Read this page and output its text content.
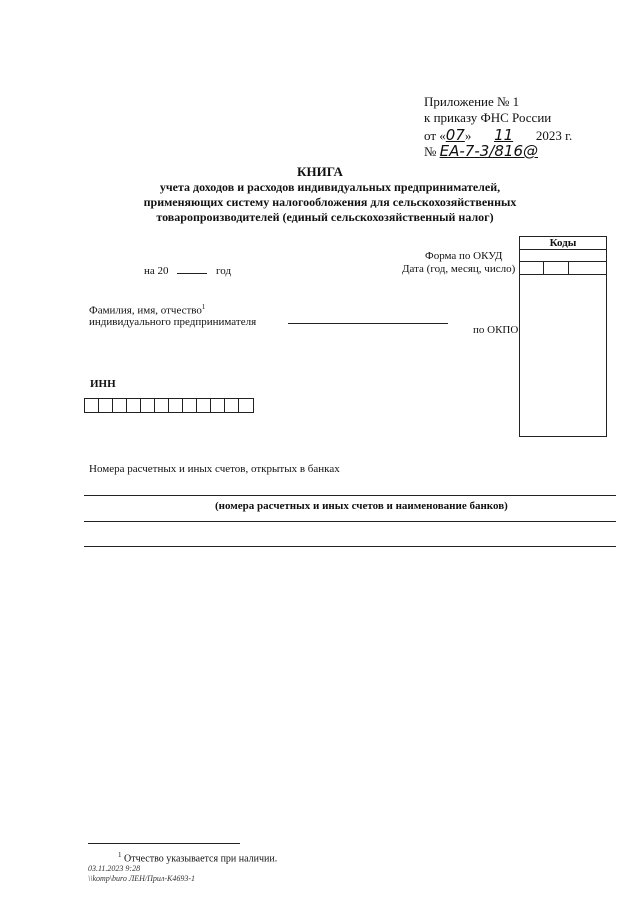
Приложение № 1
к приказу ФНС России
от «07» 11 2023 г.
№ ЕА-7-3/816@
КНИГА
учета доходов и расходов индивидуальных предпринимателей,
применяющих систему налогообложения для сельскохозяйственных
товаропроизводителей (единый сельскохозяйственный налог)
Коды
Форма по ОКУД
Дата (год, месяц, число)
по ОКПО
на 20	год
Фамилия, имя, отчество$^1$
индивидуального предпринимателя
ИНН
Номера расчетных и иных счетов, открытых в банках
(номера расчетных и иных счетов и наименование банков)
$^1$ Отчество указывается при наличии.
03.11.2023 9:28
\\komp\buro ЛЕН/Прил-К4693-1
